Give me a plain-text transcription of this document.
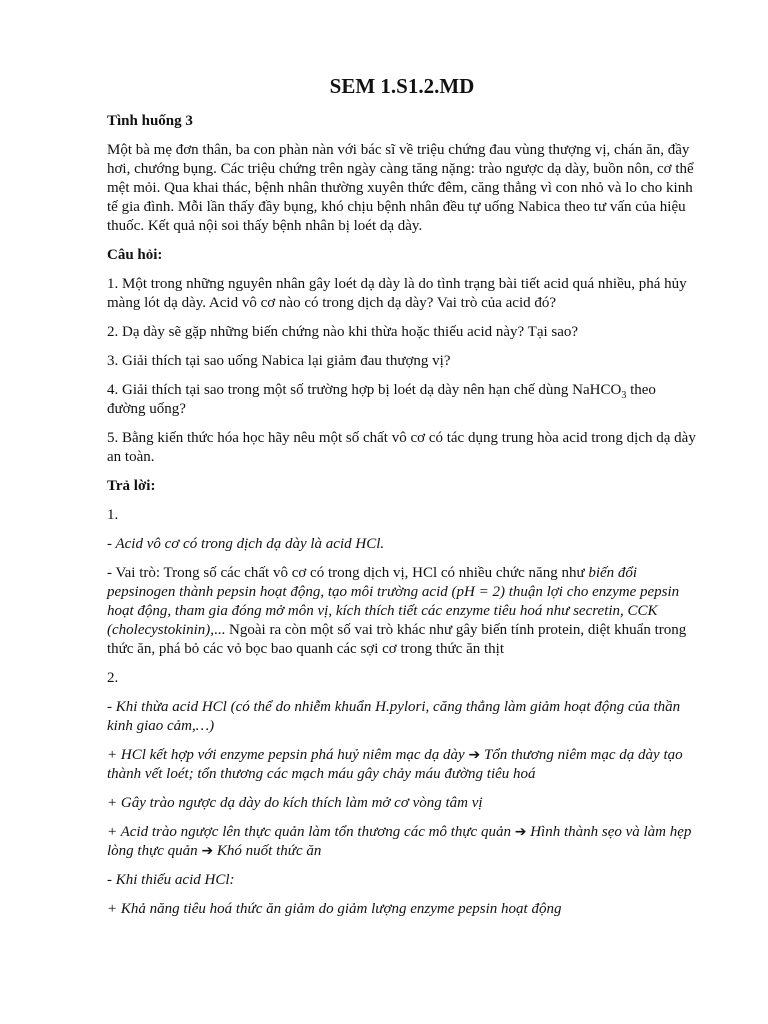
SEM 1.S1.2.MD

Tình huống 3

Một bà mẹ đơn thân, ba con phàn nàn với bác sĩ về triệu chứng đau vùng thượng vị, chán ăn, đầy hơi, chướng bụng. Các triệu chứng trên ngày càng tăng nặng: trào ngược dạ dày, buồn nôn, cơ thể mệt mỏi. Qua khai thác, bệnh nhân thường xuyên thức đêm, căng thẳng vì con nhỏ và lo cho kinh tế gia đình. Mỗi lần thấy đầy bụng, khó chịu bệnh nhân đều tự uống Nabica theo tư vấn của hiệu thuốc. Kết quả nội soi thấy bệnh nhân bị loét dạ dày.

Câu hỏi:

1. Một trong những nguyên nhân gây loét dạ dày là do tình trạng bài tiết acid quá nhiều, phá hủy màng lót dạ dày. Acid vô cơ nào có trong dịch dạ dày? Vai trò của acid đó?

2. Dạ dày sẽ gặp những biến chứng nào khi thừa hoặc thiếu acid này? Tại sao?

3. Giải thích tại sao uống Nabica lại giảm đau thượng vị?

4. Giải thích tại sao trong một số trường hợp bị loét dạ dày nên hạn chế dùng NaHCO$_3$ theo đường uống?

5. Bằng kiến thức hóa học hãy nêu một số chất vô cơ có tác dụng trung hòa acid trong dịch dạ dày an toàn.

Trả lời:

1.

- Acid vô cơ có trong dịch dạ dày là acid HCl.

- Vai trò: Trong số các chất vô cơ có trong dịch vị, HCl có nhiều chức năng như biến đổi pepsinogen thành pepsin hoạt động, tạo môi trường acid (pH = 2) thuận lợi cho enzyme pepsin hoạt động, tham gia đóng mở môn vị, kích thích tiết các enzyme tiêu hoá như secretin, CCK (cholecystokinin),... Ngoài ra còn một số vai trò khác như gây biến tính protein, diệt khuẩn trong thức ăn, phá bỏ các vỏ bọc bao quanh các sợi cơ trong thức ăn thịt

2.

- Khi thừa acid HCl (có thể do nhiễm khuẩn H.pylori, căng thẳng làm giảm hoạt động của thần kinh giao cảm,…)

+ HCl kết hợp với enzyme pepsin phá huỷ niêm mạc dạ dày ➔ Tổn thương niêm mạc dạ dày tạo thành vết loét; tổn thương các mạch máu gây chảy máu đường tiêu hoá

+ Gây trào ngược dạ dày do kích thích làm mở cơ vòng tâm vị

+ Acid trào ngược lên thực quản làm tổn thương các mô thực quản ➔ Hình thành sẹo và làm hẹp lòng thực quản ➔ Khó nuốt thức ăn

- Khi thiếu acid HCl:

+ Khả năng tiêu hoá thức ăn giảm do giảm lượng enzyme pepsin hoạt động
